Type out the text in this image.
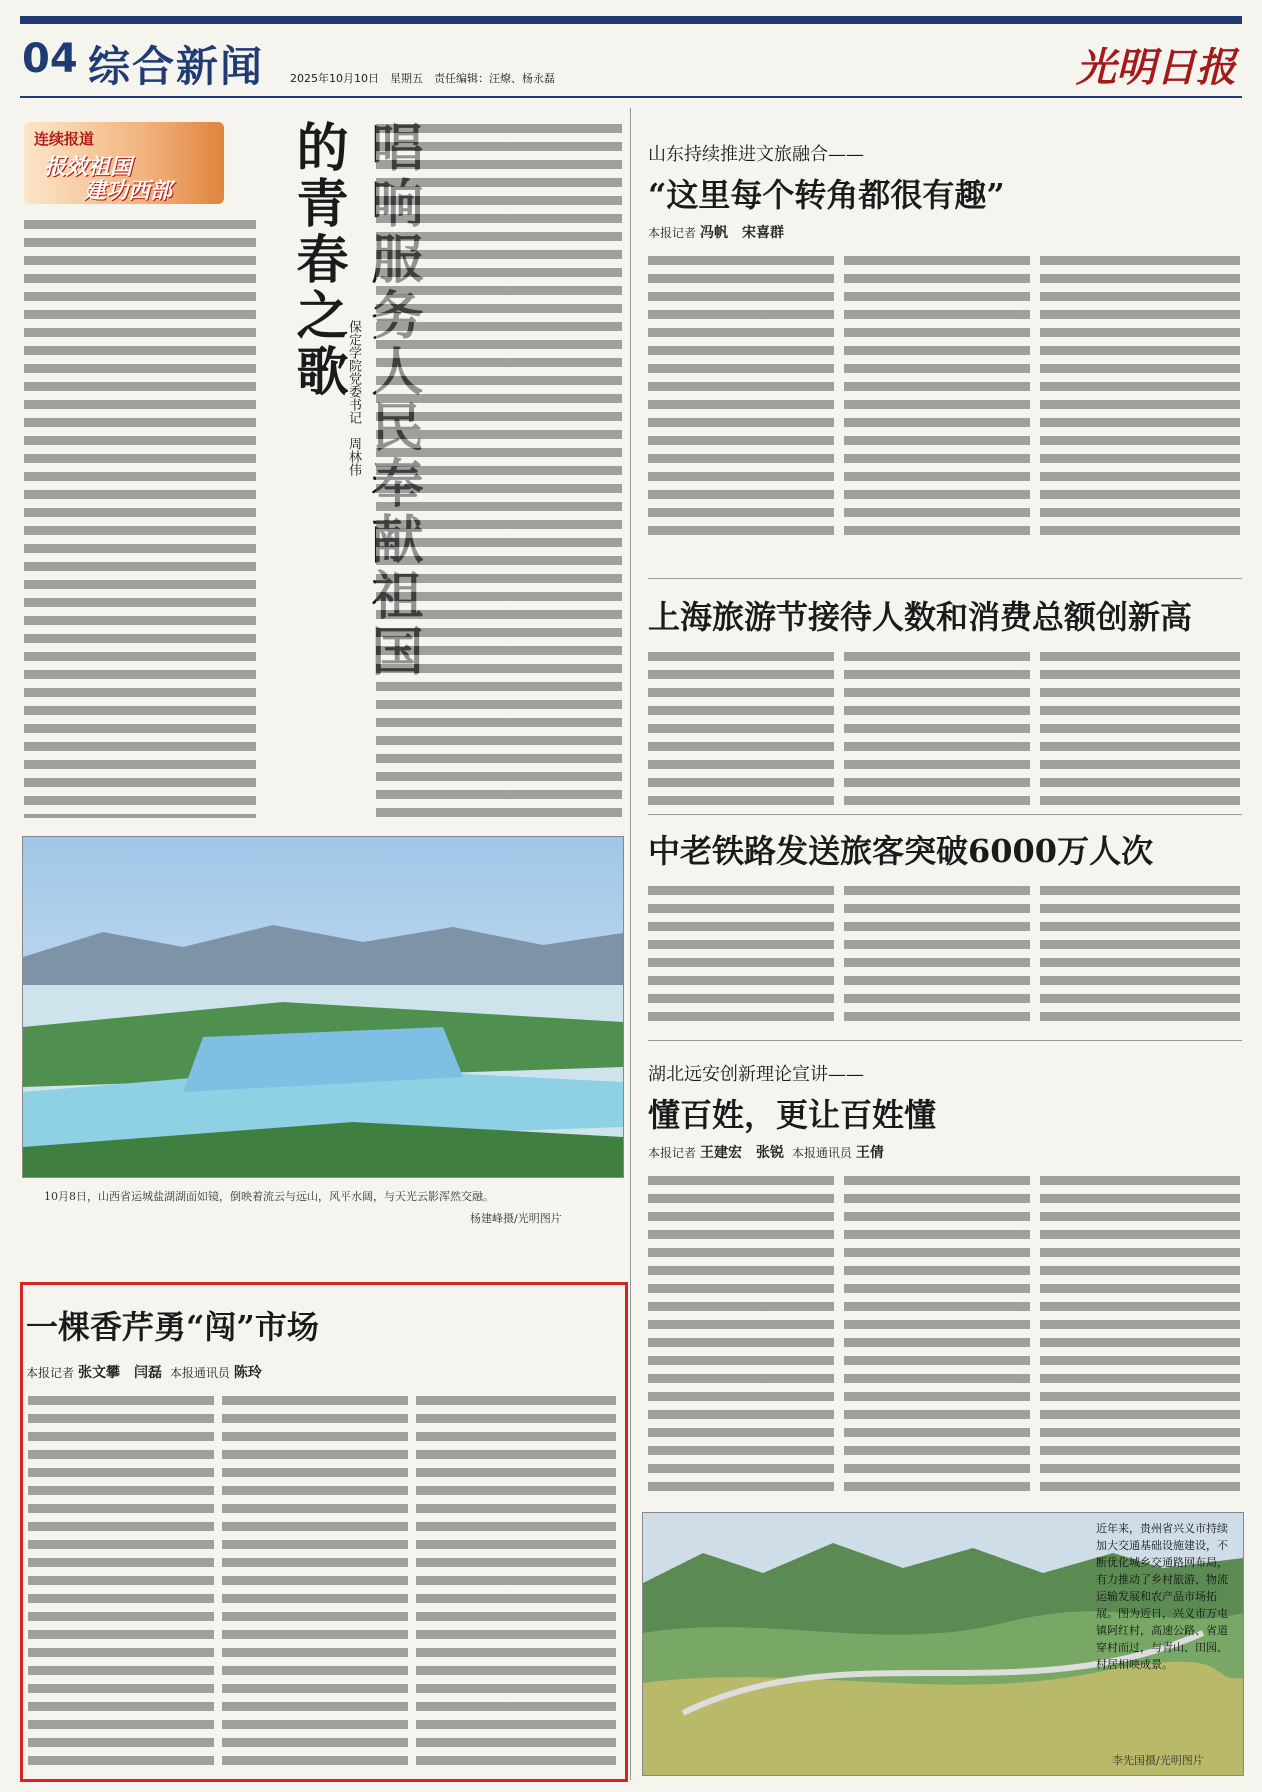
04 综合新闻 2025年10月10日　星期五　责任编辑：汪燎、杨永磊	光明日报
连续报道
报效祖国
建功西部
的青春之歌
保定学院党委书记　周林伟
10月8日，山西省运城盐湖湖面如镜，倒映着流云与远山，风平水阔，与天光云影浑然交融。
杨建峰摄/光明图片
一棵香芹勇“闯”市场
本报记者 张文攀　闫磊 本报通讯员 陈玲
山东持续推进文旅融合——
“这里每个转角都很有趣”
本报记者 冯帆　宋喜群
上海旅游节接待人数和消费总额创新高
中老铁路发送旅客突破6000万人次
湖北远安创新理论宣讲——
懂百姓，更让百姓懂
本报记者 王建宏　张锐 本报通讯员 王倩
近年来，贵州省兴义市持续加大交通基础设施建设，不断优化城乡交通路网布局，有力推动了乡村旅游、物流运输发展和农产品市场拓展。图为近日，兴义市万屯镇阿红村，高速公路、省道穿村而过，与青山、田园、村居相映成景。
李先国摄/光明图片
